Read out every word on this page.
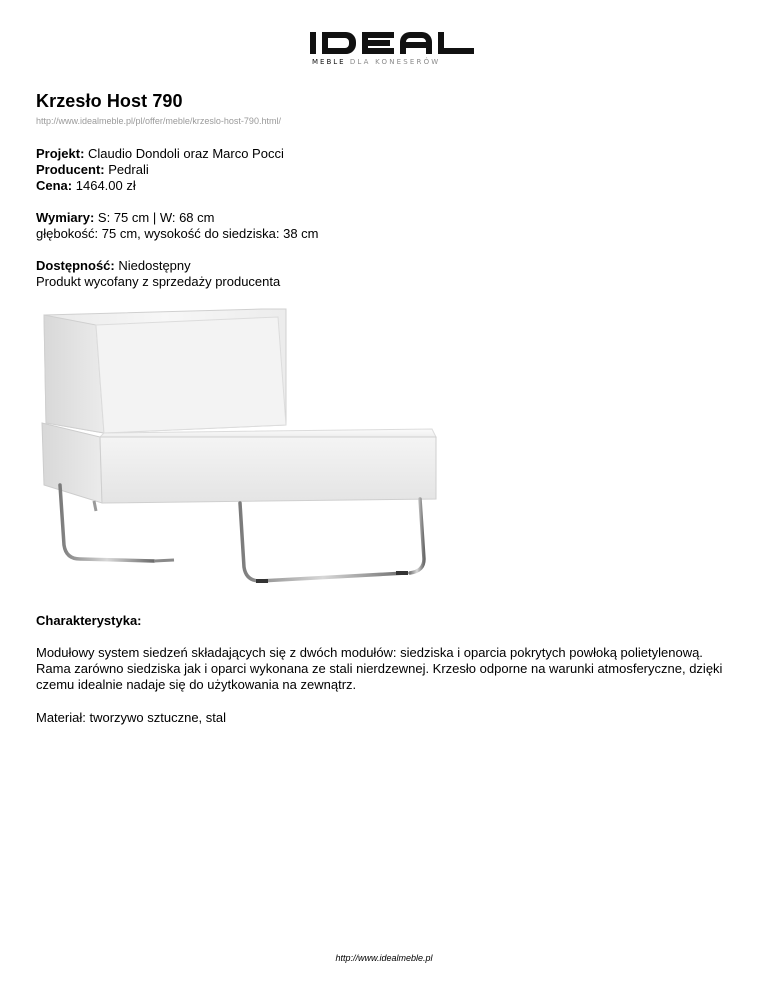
MEBLE DLA KONESERÓW
Krzesło Host 790
http://www.idealmeble.pl/pl/offer/meble/krzeslo-host-790.html/
Projekt: Claudio Dondoli oraz Marco Pocci
Producent: Pedrali
Cena: 1464.00 zł
Wymiary: S: 75 cm | W: 68 cm
głębokość: 75 cm, wysokość do siedziska: 38 cm
Dostępność: Niedostępny
Produkt wycofany z sprzedaży producenta
Charakterystyka:
Modułowy system siedzeń składających się z dwóch modułów: siedziska i oparcia pokrytych powłoką polietylenową. Rama zarówno siedziska jak i oparci wykonana ze stali nierdzewnej. Krzesło odporne na warunki atmosferyczne, dzięki czemu idealnie nadaje się do użytkowania na zewnątrz.
Materiał: tworzywo sztuczne, stal
http://www.idealmeble.pl
